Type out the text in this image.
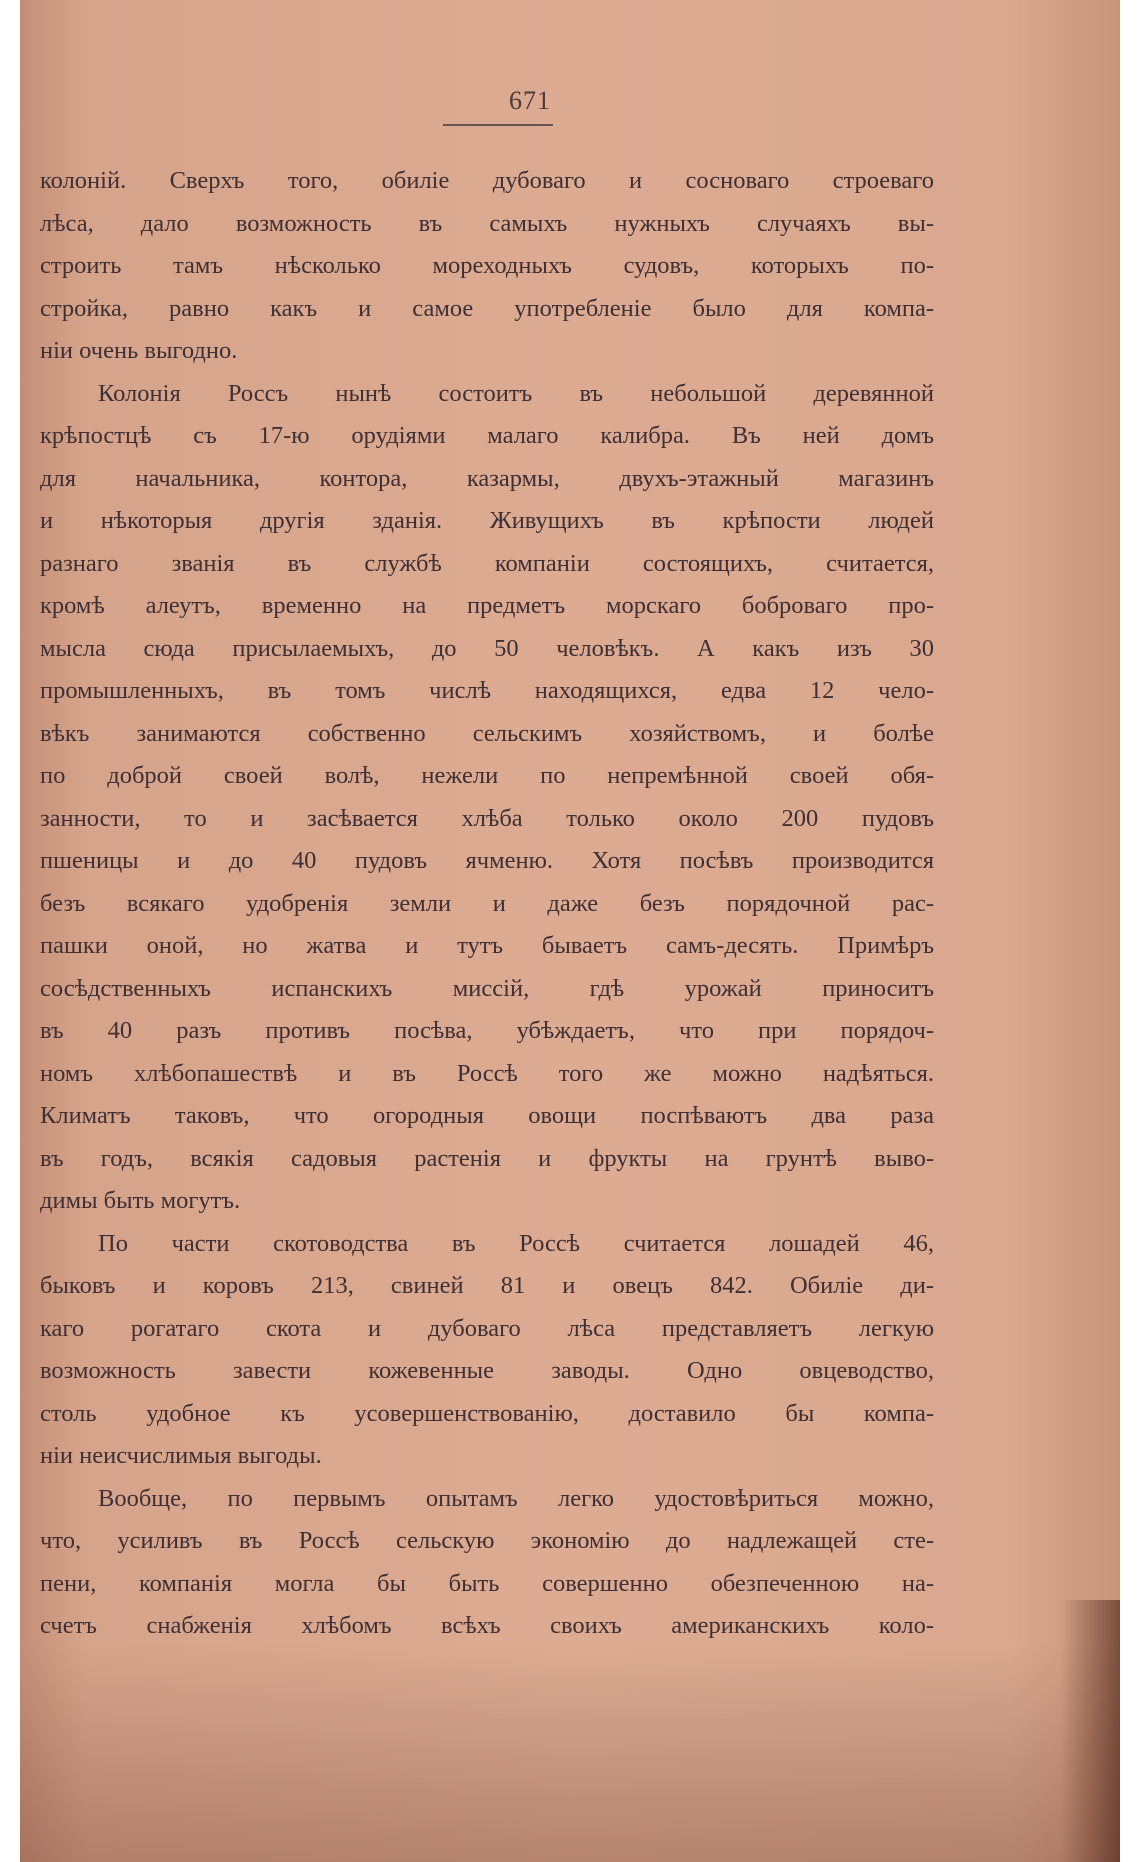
671
колоній. Сверхъ того, обиліе дубоваго и сосноваго строеваго
лѣса, дало возможность въ самыхъ нужныхъ случаяхъ вы-
строить тамъ нѣсколько мореходныхъ судовъ, которыхъ по-
стройка, равно какъ и самое употребленіе было для компа-
ніи очень выгодно.
Колонія Россъ нынѣ состоитъ въ небольшой деревянной
крѣпостцѣ съ 17-ю орудіями малаго калибра. Въ ней домъ
для начальника, контора, казармы, двухъ-этажный магазинъ
и нѣкоторыя другія зданія. Живущихъ въ крѣпости людей
разнаго званія въ службѣ компаніи состоящихъ, считается,
кромѣ алеутъ, временно на предметъ морскаго боброваго про-
мысла сюда присылаемыхъ, до 50 человѣкъ. А какъ изъ 30
промышленныхъ, въ томъ числѣ находящихся, едва 12 чело-
вѣкъ занимаются собственно сельскимъ хозяйствомъ, и болѣе
по доброй своей волѣ, нежели по непремѣнной своей обя-
занности, то и засѣвается хлѣба только около 200 пудовъ
пшеницы и до 40 пудовъ ячменю. Хотя посѣвъ производится
безъ всякаго удобренія земли и даже безъ порядочной рас-
пашки оной, но жатва и тутъ бываетъ самъ-десять. Примѣръ
сосѣдственныхъ испанскихъ миссій, гдѣ урожай приноситъ
въ 40 разъ противъ посѣва, убѣждаетъ, что при порядоч-
номъ хлѣбопашествѣ и въ Россѣ того же можно надѣяться.
Климатъ таковъ, что огородныя овощи поспѣваютъ два раза
въ годъ, всякія садовыя растенія и фрукты на грунтѣ выво-
димы быть могутъ.
По части скотоводства въ Россѣ считается лошадей 46,
быковъ и коровъ 213, свиней 81 и овецъ 842. Обиліе ди-
каго рогатаго скота и дубоваго лѣса представляетъ легкую
возможность завести кожевенные заводы. Одно овцеводство,
столь удобное къ усовершенствованію, доставило бы компа-
ніи неисчислимыя выгоды.
Вообще, по первымъ опытамъ легко удостовѣриться можно,
что, усиливъ въ Россѣ сельскую экономію до надлежащей сте-
пени, компанія могла бы быть совершенно обезпеченною на-
счетъ снабженія хлѣбомъ всѣхъ своихъ американскихъ коло-
